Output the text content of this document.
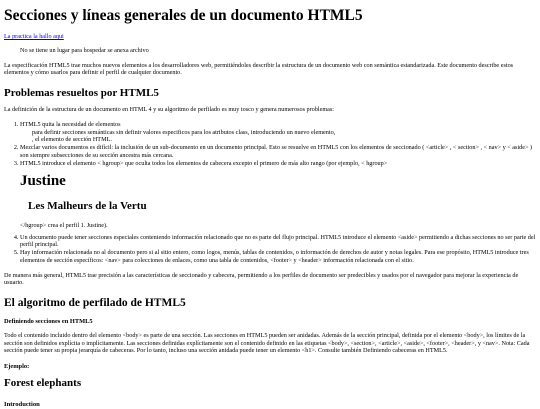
Secciones y líneas generales de un documento HTML5
La practica la hallo aqui
No se tiene un lugar para hospedar se anexa archivo

La especificación HTML5 trae muchos nuevos elementos a los desarrolladores web, permitiéndoles describir la estructura de un documento web con semántica estandarizada. Este documento describe estos elementos y cómo usarlos para definir el perfil de cualquier documento.

Problemas resueltos por HTML5

La definición de la estructura de un documento en HTML 4 y su algoritmo de perfilado es muy tosco y genera numerosos problemas:

1. HTML5 quita la necesidad de elementos
para definir secciones semánticas sin definir valores especificos para los atributos class, introduciendo un nuevo elemento,
, el elemento de sección HTML.
2. Mezclar varios documentos es difícil: la inclusión de un sub-documento en un documento principal. Esto se resuelve en HTML5 con los elementos de seccionado ( <article> , < section> , < nav> y < aside> ) son siempre subsecciones de su sección ancestra más cercana.
3. HTML5 introduce el elemento < hgroup> que oculta todos los elementos de cabecera excepto el primero de más alto rango (por ejemplo, < hgroup>
Justine
Les Malheurs de la Vertu
</hgroup> crea el perfil 1. Justine).
4. Un documento puede tener secciones especiales conteniendo información relacionado que no es parte del flujo principal. HTML5 introduce el elemento <aside> permitiendo a dichas secciones no ser parte del perfil principal.
5. Hay información relacionada no al documento pero si al sitio entero, como logos, menús, tablas de contenidos, o información de derechos de autor y notas legales. Para ese propósito, HTML5 introduce tres elementos de sección específicos: <nav> para colecciones de enlaces, como una tabla de contenidos, <footer> y <header> información relacionada con el sitio.

De manera más general, HTML5 trae precisión a las características de seccionado y cabecera, permitiendo a los perfiles de documento ser predecibles y usados por el navegador para mejorar la experiencia de usuario.

El algoritmo de perfilado de HTML5
Definiendo secciones en HTML5

Todo el contenido incluido dentro del elemento <body> es parte de una sección. Las secciones en HTML5 pueden ser anidadas. Además de la sección principal, definida por el elemento <body>, los límites de la sección son definidos explícita o implícitamente. Las secciones definidas explícitamente son el contenido definido en las etiquetas <body>, <section>, <article>, <aside>, <footer>, <header>, y <nav>. Nota: Cada sección puede tener su propia jerarquía de cabeceras. Por lo tanto, incluso una sección anidada puede tener un elemento <h1>. Consulte también Definiendo cabeceras en HTML5.

Ejemplo:
Forest elephants
Introduction
